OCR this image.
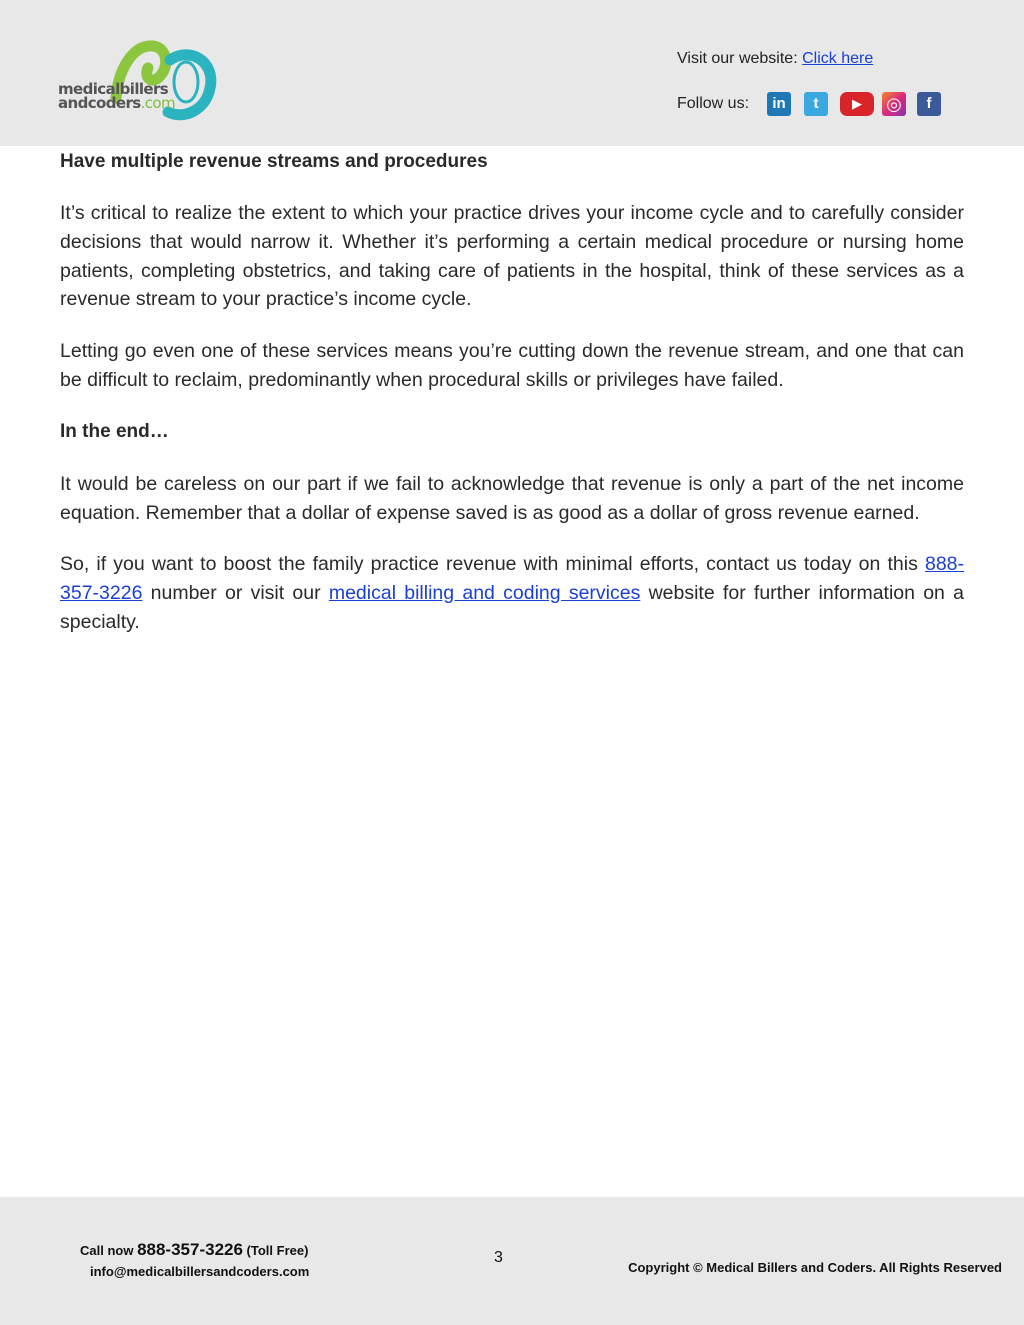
medicalbillers
andcoders.com
Visit our website: Click here
Follow us:	in	t	▶	◎	f
Have multiple revenue streams and procedures

It’s critical to realize the extent to which your practice drives your income cycle and to carefully consider decisions that would narrow it. Whether it’s performing a certain medical procedure or nursing home patients, completing obstetrics, and taking care of patients in the hospital, think of these services as a revenue stream to your practice’s income cycle.

Letting go even one of these services means you’re cutting down the revenue stream, and one that can be difficult to reclaim, predominantly when procedural skills or privileges have failed.

In the end…

It would be careless on our part if we fail to acknowledge that revenue is only a part of the net income equation. Remember that a dollar of expense saved is as good as a dollar of gross revenue earned.

So, if you want to boost the family practice revenue with minimal efforts, contact us today on this 888-357-3226 number or visit our medical billing and coding services website for further information on a specialty.

Call now 888-357-3226 (Toll Free)
info@medicalbillersandcoders.com
3
Copyright © Medical Billers and Coders. All Rights Reserved
